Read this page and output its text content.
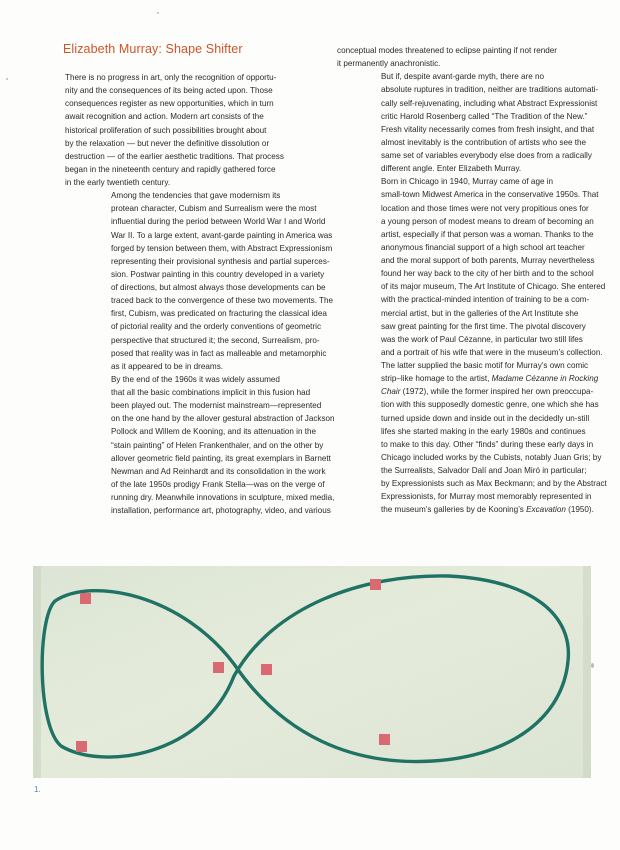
Elizabeth Murray: Shape Shifter

There is no progress in art, only the recognition of opportu-
nity and the consequences of its being acted upon. Those
consequences register as new opportunities, which in turn
await recognition and action. Modern art consists of the
historical proliferation of such possibilities brought about
by the relaxation — but never the definitive dissolution or
destruction — of the earlier aesthetic traditions. That process
began in the nineteenth century and rapidly gathered force
in the early twentieth century.

Among the tendencies that gave modernism its
protean character, Cubism and Surrealism were the most
influential during the period between World War I and World
War II. To a large extent, avant-garde painting in America was
forged by tension between them, with Abstract Expressionism
representing their provisional synthesis and partial superces-
sion. Postwar painting in this country developed in a variety
of directions, but almost always those developments can be
traced back to the convergence of these two movements. The
first, Cubism, was predicated on fracturing the classical idea
of pictorial reality and the orderly conventions of geometric
perspective that structured it; the second, Surrealism, pro-
posed that reality was in fact as malleable and metamorphic
as it appeared to be in dreams.

By the end of the 1960s it was widely assumed
that all the basic combinations implicit in this fusion had
been played out. The modernist mainstream—represented
on the one hand by the allover gestural abstraction of Jackson
Pollock and Willem de Kooning, and its attenuation in the
“stain painting” of Helen Frankenthaler, and on the other by
allover geometric field painting, its great exemplars in Barnett
Newman and Ad Reinhardt and its consolidation in the work
of the late 1950s prodigy Frank Stella—was on the verge of
running dry. Meanwhile innovations in sculpture, mixed media,
installation, performance art, photography, video, and various

conceptual modes threatened to eclipse painting if not render
it permanently anachronistic.

But if, despite avant-garde myth, there are no
absolute ruptures in tradition, neither are traditions automati-
cally self-rejuvenating, including what Abstract Expressionist
critic Harold Rosenberg called “The Tradition of the New.”
Fresh vitality necessarily comes from fresh insight, and that
almost inevitably is the contribution of artists who see the
same set of variables everybody else does from a radically
different angle. Enter Elizabeth Murray.

Born in Chicago in 1940, Murray came of age in
small-town Midwest America in the conservative 1950s. That
location and those times were not very propitious ones for
a young person of modest means to dream of becoming an
artist, especially if that person was a woman. Thanks to the
anonymous financial support of a high school art teacher
and the moral support of both parents, Murray nevertheless
found her way back to the city of her birth and to the school
of its major museum, The Art Institute of Chicago. She entered
with the practical-minded intention of training to be a com-
mercial artist, but in the galleries of the Art Institute she
saw great painting for the first time. The pivotal discovery
was the work of Paul Cézanne, in particular two still lifes
and a portrait of his wife that were in the museum’s collection.
The latter supplied the basic motif for Murray’s own comic
strip–like homage to the artist, Madame Cézanne in Rocking
Chair (1972), while the former inspired her own preoccupa-
tion with this supposedly domestic genre, one which she has
turned upside down and inside out in the decidedly un-still
lifes she started making in the early 1980s and continues
to make to this day. Other “finds” during these early days in
Chicago included works by the Cubists, notably Juan Gris; by
the Surrealists, Salvador Dalí and Joan Miró in particular;
by Expressionists such as Max Beckmann; and by the Abstract
Expressionists, for Murray most memorably represented in
the museum’s galleries by de Kooning’s Excavation (1950).

1.
